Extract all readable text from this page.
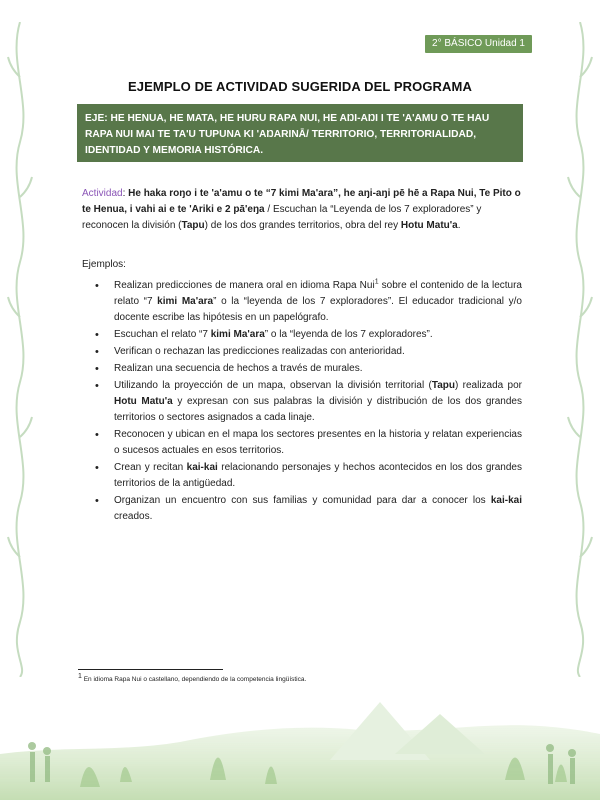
2° BÁSICO Unidad 1
EJEMPLO DE ACTIVIDAD SUGERIDA DEL PROGRAMA
EJE: HE HENUA, HE MATA, HE HURU RAPA NUI, HE AŊI-AŊI I TE 'A'AMU O TE HAU RAPA NUI MAI TE TA'U TUPUNA KI 'AŊARINĀ/ TERRITORIO, TERRITORIALIDAD, IDENTIDAD Y MEMORIA HISTÓRICA.
Actividad: He haka roŋo i te 'a'amu o te “7 kimi Ma'ara”, he aŋi-aŋi pē hē a Rapa Nui, Te Pito o te Henua, i vahi ai e te 'Ariki e 2 pā'eŋa / Escuchan la “Leyenda de los 7 exploradores” y reconocen la división (Tapu) de los dos grandes territorios, obra del rey Hotu Matu'a.
Ejemplos:
• Realizan predicciones de manera oral en idioma Rapa Nui$^1$ sobre el contenido de la lectura relato “7 kimi Ma'ara” o la “leyenda de los 7 exploradores”. El educador tradicional y/o docente escribe las hipótesis en un papelógrafo.
• Escuchan el relato “7 kimi Ma'ara” o la “leyenda de los 7 exploradores”.
• Verifican o rechazan las predicciones realizadas con anterioridad.
• Realizan una secuencia de hechos a través de murales.
• Utilizando la proyección de un mapa, observan la división territorial (Tapu) realizada por Hotu Matu'a y expresan con sus palabras la división y distribución de los dos grandes territorios o sectores asignados a cada linaje.
• Reconocen y ubican en el mapa los sectores presentes en la historia y relatan experiencias o sucesos actuales en esos territorios.
• Crean y recitan kai-kai relacionando personajes y hechos acontecidos en los dos grandes territorios de la antigüedad.
• Organizan un encuentro con sus familias y comunidad para dar a conocer los kai-kai creados.
1 En idioma Rapa Nui o castellano, dependiendo de la competencia lingüística.
